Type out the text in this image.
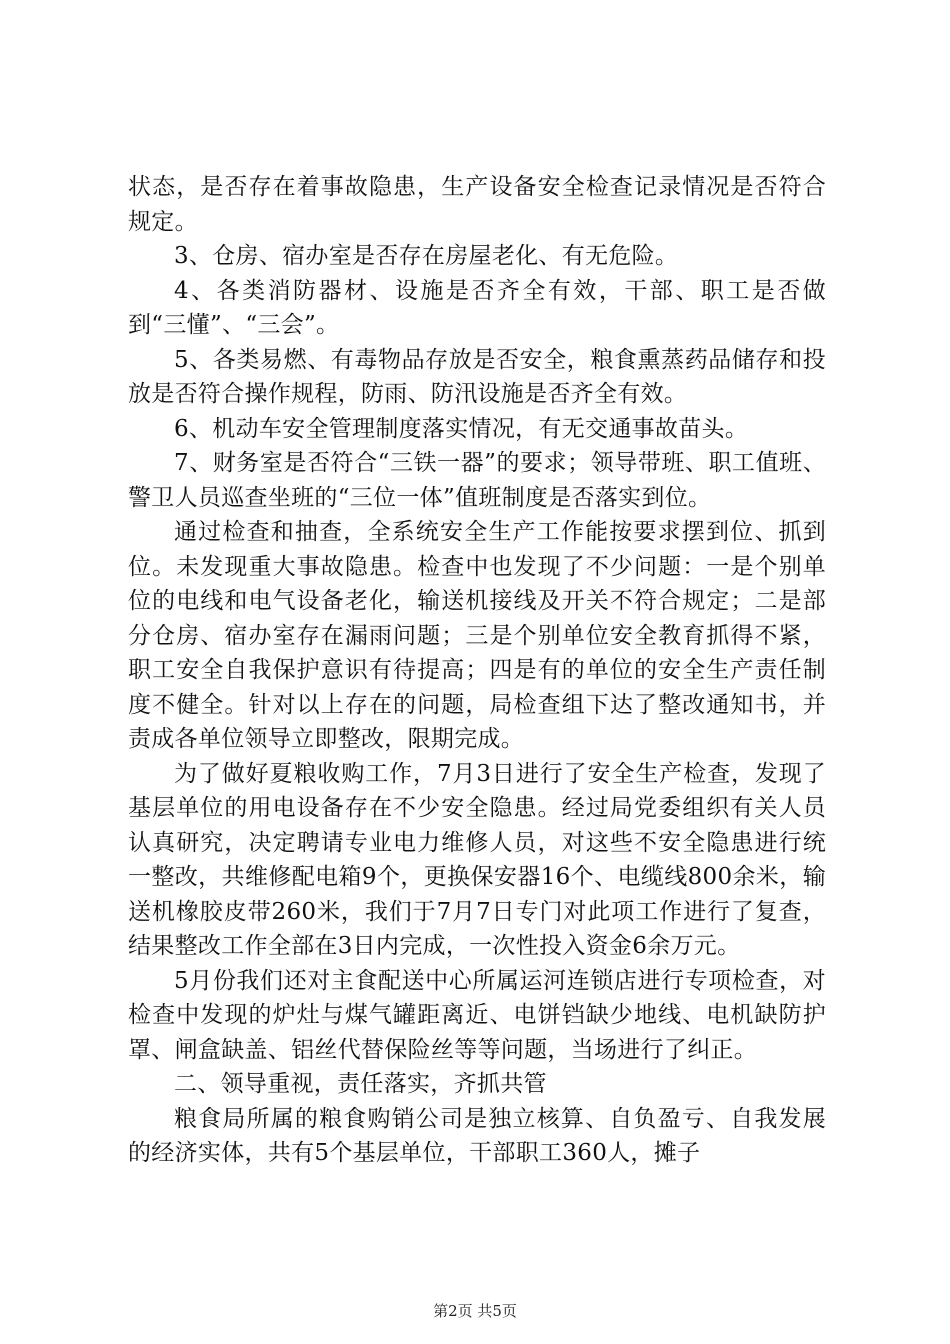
状态，是否存在着事故隐患，生产设备安全检查记录情况是否符合规定。

3、仓房、宿办室是否存在房屋老化、有无危险。

4、各类消防器材、设施是否齐全有效，干部、职工是否做到“三懂”、“三会”。

5、各类易燃、有毒物品存放是否安全，粮食熏蒸药品储存和投放是否符合操作规程，防雨、防汛设施是否齐全有效。

6、机动车安全管理制度落实情况，有无交通事故苗头。

7、财务室是否符合“三铁一器”的要求；领导带班、职工值班、警卫人员巡查坐班的“三位一体”值班制度是否落实到位。

通过检查和抽查，全系统安全生产工作能按要求摆到位、抓到位。未发现重大事故隐患。检查中也发现了不少问题：一是个别单位的电线和电气设备老化，输送机接线及开关不符合规定；二是部分仓房、宿办室存在漏雨问题；三是个别单位安全教育抓得不紧，职工安全自我保护意识有待提高；四是有的单位的安全生产责任制度不健全。针对以上存在的问题，局检查组下达了整改通知书，并责成各单位领导立即整改，限期完成。

为了做好夏粮收购工作，7月3日进行了安全生产检查，发现了基层单位的用电设备存在不少安全隐患。经过局党委组织有关人员认真研究，决定聘请专业电力维修人员，对这些不安全隐患进行统一整改，共维修配电箱9个，更换保安器16个、电缆线800余米，输送机橡胶皮带260米，我们于7月7日专门对此项工作进行了复查，结果整改工作全部在3日内完成，一次性投入资金6余万元。

5月份我们还对主食配送中心所属运河连锁店进行专项检查，对检查中发现的炉灶与煤气罐距离近、电饼铛缺少地线、电机缺防护罩、闸盒缺盖、铝丝代替保险丝等等问题，当场进行了纠正。

二、领导重视，责任落实，齐抓共管

粮食局所属的粮食购销公司是独立核算、自负盈亏、自我发展的经济实体，共有5个基层单位，干部职工360人，摊子

第2页 共5页
